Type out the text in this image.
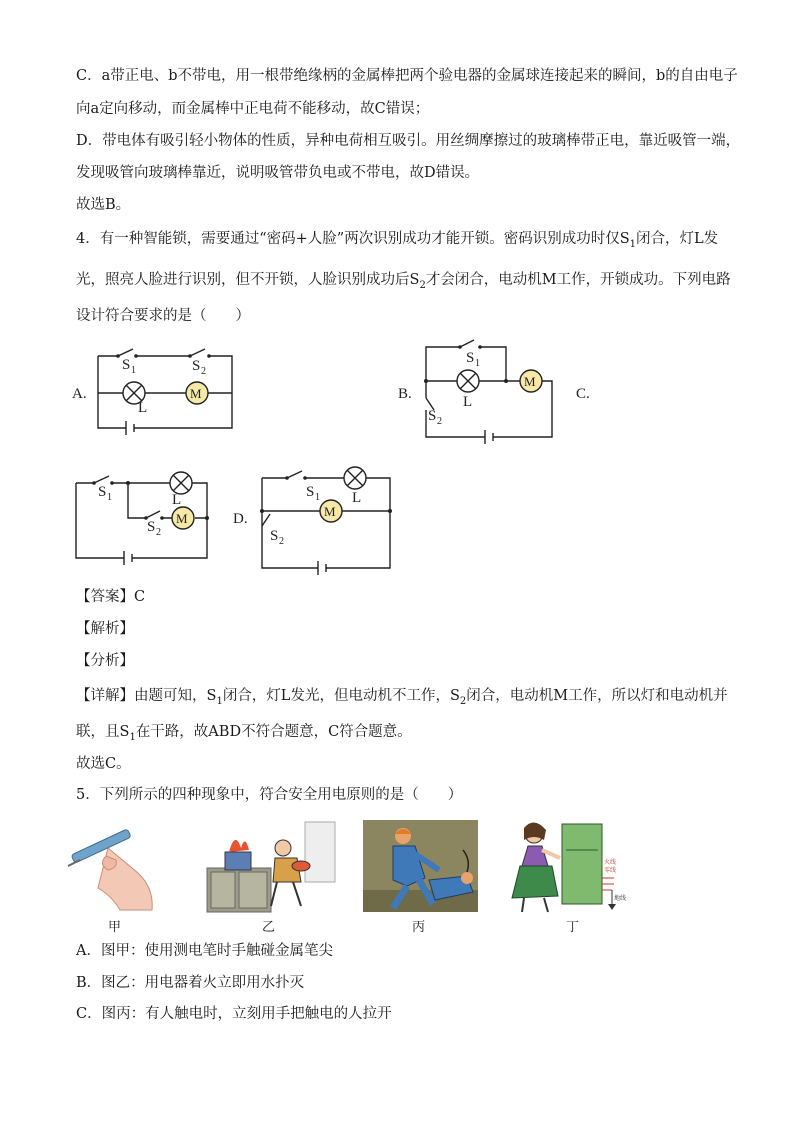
C．a带正电、b不带电，用一根带绝缘柄的金属棒把两个验电器的金属球连接起来的瞬间，b的自由电子
向a定向移动，而金属棒中正电荷不能移动，故C错误；
D．带电体有吸引轻小物体的性质，异种电荷相互吸引。用丝绸摩擦过的玻璃棒带正电，靠近吸管一端，
发现吸管向玻璃棒靠近，说明吸管带负电或不带电，故D错误。
故选B。
4．有一种智能锁，需要通过“密码+人脸”两次识别成功才能开锁。密码识别成功时仅$S_1$闭合，灯L发
光，照亮人脸进行识别，但不开锁，人脸识别成功后$S_2$才会闭合，电动机M工作，开锁成功。下列电路
设计符合要求的是（　　）
A.	M
S 1	S 2
L
B.
M
S 1
L
S 2
C.
M
S 1	L
S 2
D.	M
S 1 L
S 2
【答案】C
【解析】
【分析】
【详解】由题可知，$S_1$闭合，灯L发光，但电动机不工作，$S_2$闭合，电动机M工作，所以灯和电动机并
联，且$S_1$在干路，故ABD不符合题意，C符合题意。
故选C。
5．下列所示的四种现象中，符合安全用电原则的是（　　）
甲	乙	丙
火线
零线
地线
丁
A．图甲：使用测电笔时手触碰金属笔尖
B．图乙：用电器着火立即用水扑灭
C．图丙：有人触电时，立刻用手把触电的人拉开
